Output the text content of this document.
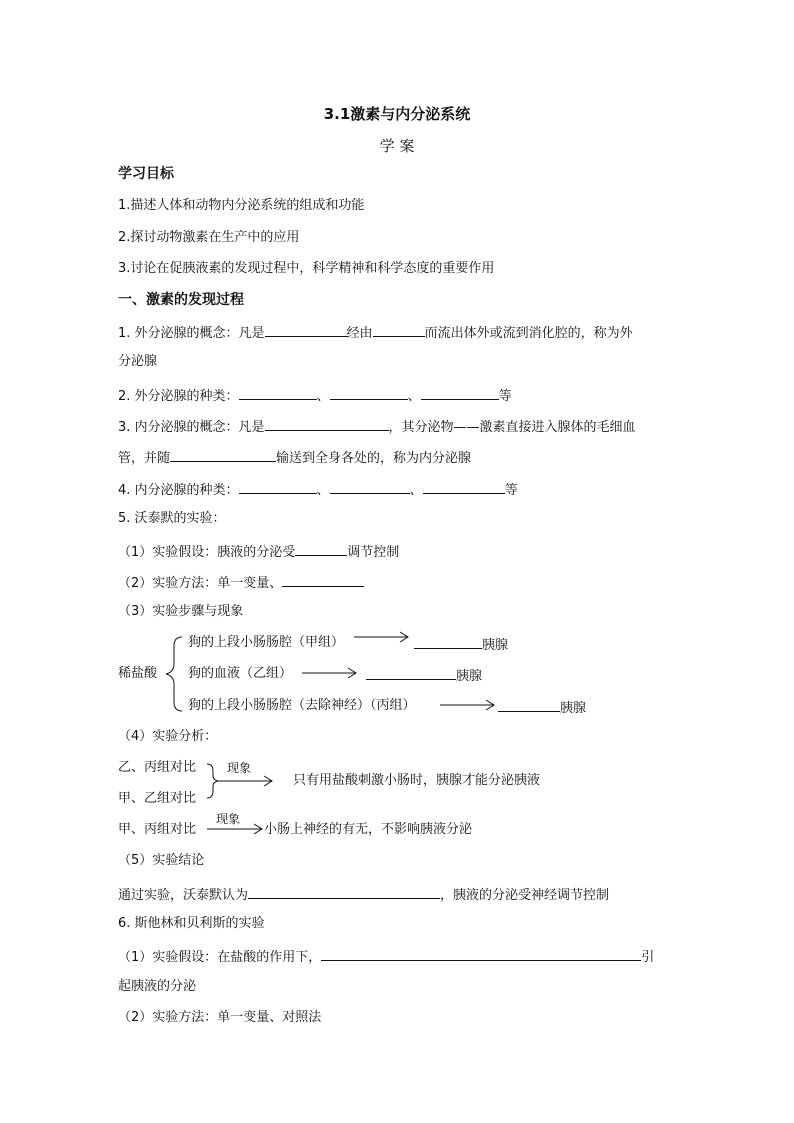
3.1激素与内分泌系统
学 案
学习目标
1.描述人体和动物内分泌系统的组成和功能
2.探讨动物激素在生产中的应用
3.讨论在促胰液素的发现过程中，科学精神和科学态度的重要作用
一、激素的发现过程
1. 外分泌腺的概念：凡是	经由	而流出体外或流到消化腔的，称为外
分泌腺
2. 外分泌腺的种类：	、	、	等
3. 内分泌腺的概念：凡是	，其分泌物——激素直接进入腺体的毛细血
管，并随	输送到全身各处的，称为内分泌腺
4. 内分泌腺的种类：	、	、	等
5. 沃泰默的实验：
（1）实验假设：胰液的分泌受	调节控制
（2）实验方法：单一变量、
（3）实验步骤与现象
稀盐酸
狗的上段小肠肠腔（甲组）	胰腺
狗的血液（乙组）	胰腺
狗的上段小肠肠腔（去除神经）（丙组）	胰腺
（4）实验分析：
乙、丙组对比
甲、乙组对比
现象
只有用盐酸刺激小肠时，胰腺才能分泌胰液
甲、丙组对比
现象
小肠上神经的有无，不影响胰液分泌
（5）实验结论
通过实验，沃泰默认为	，胰液的分泌受神经调节控制
6. 斯他林和贝利斯的实验
（1）实验假设：在盐酸的作用下，	引
起胰液的分泌
（2）实验方法：单一变量、对照法
